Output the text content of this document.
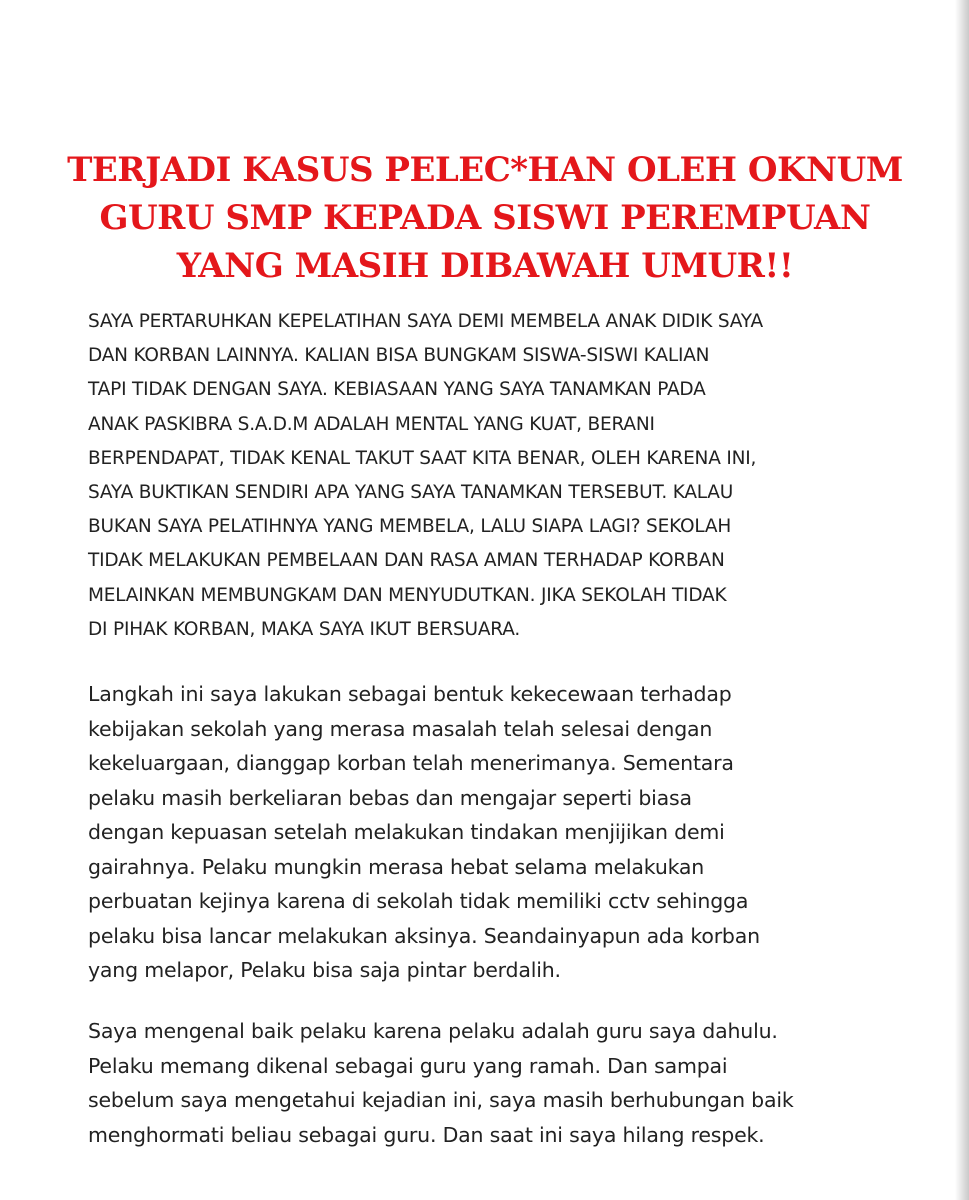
TERJADI KASUS PELEC*HAN OLEH OKNUM
GURU SMP KEPADA SISWI PEREMPUAN
YANG MASIH DIBAWAH UMUR!!

SAYA PERTARUHKAN KEPELATIHAN SAYA DEMI MEMBELA ANAK DIDIK SAYA
DAN KORBAN LAINNYA. KALIAN BISA BUNGKAM SISWA-SISWI KALIAN
TAPI TIDAK DENGAN SAYA. KEBIASAAN YANG SAYA TANAMKAN PADA
ANAK PASKIBRA S.A.D.M ADALAH MENTAL YANG KUAT, BERANI
BERPENDAPAT, TIDAK KENAL TAKUT SAAT KITA BENAR, OLEH KARENA INI,
SAYA BUKTIKAN SENDIRI APA YANG SAYA TANAMKAN TERSEBUT. KALAU
BUKAN SAYA PELATIHNYA YANG MEMBELA, LALU SIAPA LAGI? SEKOLAH
TIDAK MELAKUKAN PEMBELAAN DAN RASA AMAN TERHADAP KORBAN
MELAINKAN MEMBUNGKAM DAN MENYUDUTKAN. JIKA SEKOLAH TIDAK
DI PIHAK KORBAN, MAKA SAYA IKUT BERSUARA.

Langkah ini saya lakukan sebagai bentuk kekecewaan terhadap
kebijakan sekolah yang merasa masalah telah selesai dengan
kekeluargaan, dianggap korban telah menerimanya. Sementara
pelaku masih berkeliaran bebas dan mengajar seperti biasa
dengan kepuasan setelah melakukan tindakan menjijikan demi
gairahnya. Pelaku mungkin merasa hebat selama melakukan
perbuatan kejinya karena di sekolah tidak memiliki cctv sehingga
pelaku bisa lancar melakukan aksinya. Seandainyapun ada korban
yang melapor, Pelaku bisa saja pintar berdalih.

Saya mengenal baik pelaku karena pelaku adalah guru saya dahulu.
Pelaku memang dikenal sebagai guru yang ramah. Dan sampai
sebelum saya mengetahui kejadian ini, saya masih berhubungan baik
menghormati beliau sebagai guru. Dan saat ini saya hilang respek.
